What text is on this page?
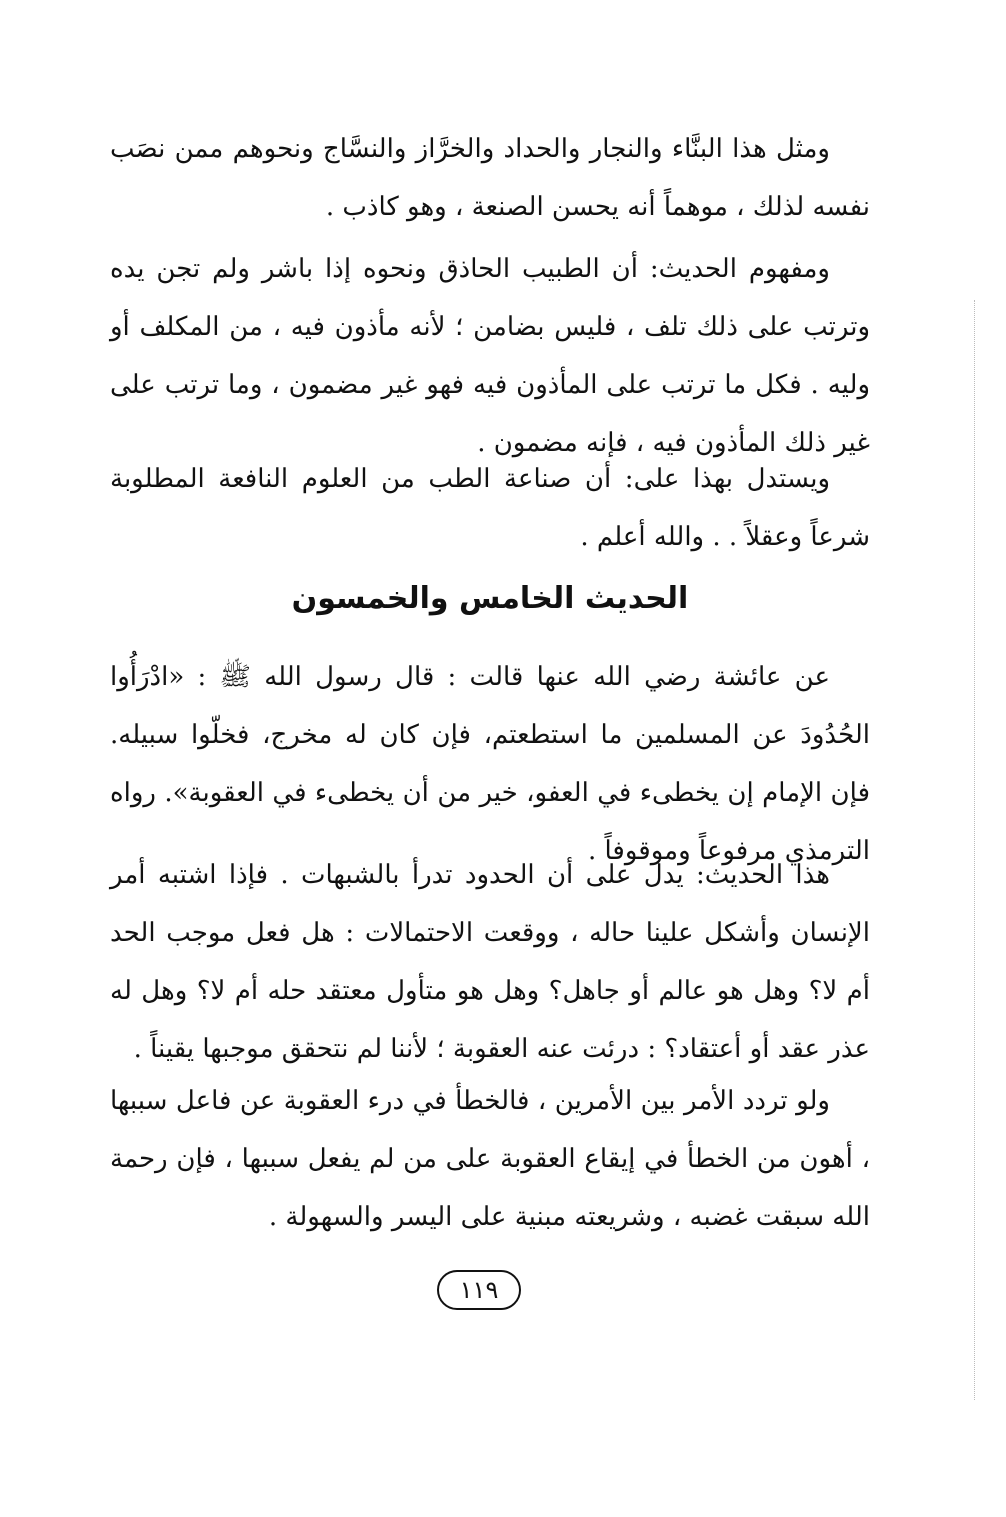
ومثل هذا البنَّاء والنجار والحداد والخرَّاز والنسَّاج ونحوهم ممن نصَب نفسه لذلك ، موهماً أنه يحسن الصنعة ، وهو كاذب .

ومفهوم الحديث: أن الطبيب الحاذق ونحوه إذا باشر ولم تجن يده وترتب على ذلك تلف ، فليس بضامن ؛ لأنه مأذون فيه ، من المكلف أو وليه . فكل ما ترتب على المأذون فيه فهو غير مضمون ، وما ترتب على غير ذلك المأذون فيه ، فإنه مضمون .

ويستدل بهذا على: أن صناعة الطب من العلوم النافعة المطلوبة شرعاً وعقلاً . . والله أعلم .

الحديث الخامس والخمسون

عن عائشة رضي الله عنها قالت : قال رسول الله ﷺ : «ادْرَأُوا الحُدُودَ عن المسلمين ما استطعتم، فإن كان له مخرج، فخلّوا سبيله. فإن الإمام إن يخطىء في العفو، خير من أن يخطىء في العقوبة». رواه الترمذي مرفوعاً وموقوفاً .

هذا الحديث: يدل على أن الحدود تدرأ بالشبهات . فإذا اشتبه أمر الإنسان وأشكل علينا حاله ، ووقعت الاحتمالات : هل فعل موجب الحد أم لا؟ وهل هو عالم أو جاهل؟ وهل هو متأول معتقد حله أم لا؟ وهل له عذر عقد أو أعتقاد؟ : درئت عنه العقوبة ؛ لأننا لم نتحقق موجبها يقيناً .

ولو تردد الأمر بين الأمرين ، فالخطأ في درء العقوبة عن فاعل سببها ، أهون من الخطأ في إيقاع العقوبة على من لم يفعل سببها ، فإن رحمة الله سبقت غضبه ، وشريعته مبنية على اليسر والسهولة .

١١٩
